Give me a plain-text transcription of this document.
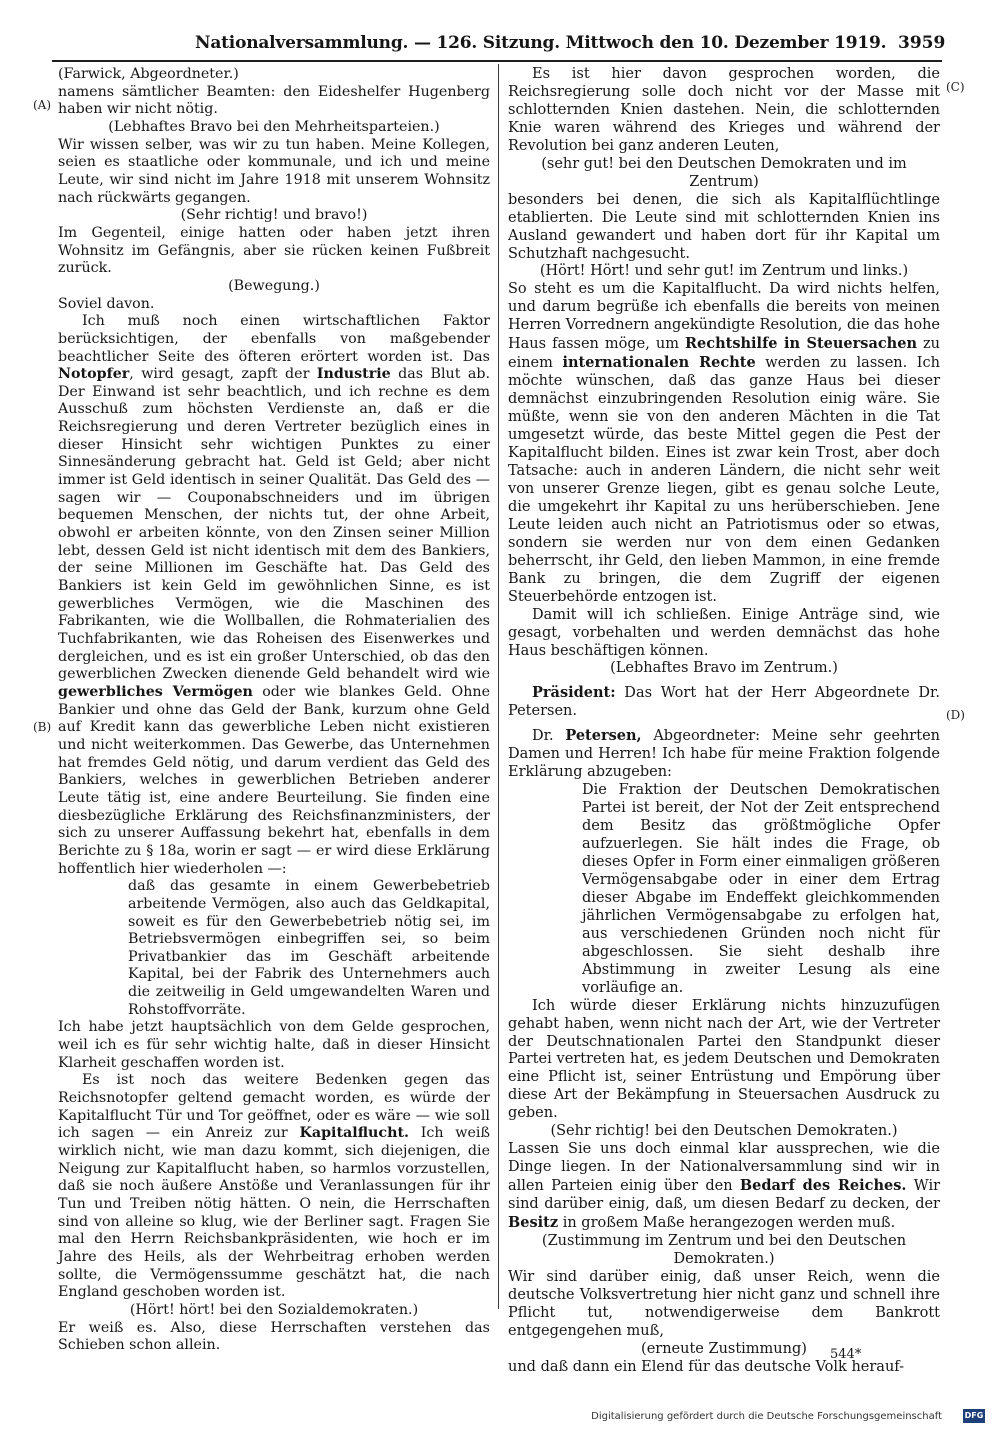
Nationalversammlung. — 126. Sitzung. Mittwoch den 10. Dezember 1919. 3959
(A)
(B)
(C)
(D)

(Farwick, Abgeordneter.)

namens sämtlicher Beamten: den Eideshelfer Hugenberg haben wir nicht nötig.

(Lebhaftes Bravo bei den Mehrheitsparteien.)

Wir wissen selber, was wir zu tun haben. Meine Kollegen, seien es staatliche oder kommunale, und ich und meine Leute, wir sind nicht im Jahre 1918 mit unserem Wohnsitz nach rückwärts gegangen.

(Sehr richtig! und bravo!)

Im Gegenteil, einige hatten oder haben jetzt ihren Wohnsitz im Gefängnis, aber sie rücken keinen Fußbreit zurück.

(Bewegung.)

Soviel davon.

Ich muß noch einen wirtschaftlichen Faktor berücksichtigen, der ebenfalls von maßgebender beachtlicher Seite des öfteren erörtert worden ist. Das Notopfer, wird gesagt, zapft der Industrie das Blut ab. Der Einwand ist sehr beachtlich, und ich rechne es dem Ausschuß zum höchsten Verdienste an, daß er die Reichsregierung und deren Vertreter bezüglich eines in dieser Hinsicht sehr wichtigen Punktes zu einer Sinnesänderung gebracht hat. Geld ist Geld; aber nicht immer ist Geld identisch in seiner Qualität. Das Geld des — sagen wir — Couponabschneiders und im übrigen bequemen Menschen, der nichts tut, der ohne Arbeit, obwohl er arbeiten könnte, von den Zinsen seiner Million lebt, dessen Geld ist nicht identisch mit dem des Bankiers, der seine Millionen im Geschäfte hat. Das Geld des Bankiers ist kein Geld im gewöhnlichen Sinne, es ist gewerbliches Vermögen, wie die Maschinen des Fabrikanten, wie die Wollballen, die Rohmaterialien des Tuchfabrikanten, wie das Roheisen des Eisenwerkes und dergleichen, und es ist ein großer Unterschied, ob das den gewerblichen Zwecken dienende Geld behandelt wird wie gewerbliches Vermögen oder wie blankes Geld. Ohne Bankier und ohne das Geld der Bank, kurzum ohne Geld auf Kredit kann das gewerbliche Leben nicht existieren und nicht weiterkommen. Das Gewerbe, das Unternehmen hat fremdes Geld nötig, und darum verdient das Geld des Bankiers, welches in gewerblichen Betrieben anderer Leute tätig ist, eine andere Beurteilung. Sie finden eine diesbezügliche Erklärung des Reichsfinanzministers, der sich zu unserer Auffassung bekehrt hat, ebenfalls in dem Berichte zu § 18a, worin er sagt — er wird diese Erklärung hoffentlich hier wiederholen —:

daß das gesamte in einem Gewerbebetrieb arbeitende Vermögen, also auch das Geldkapital, soweit es für den Gewerbebetrieb nötig sei, im Betriebsvermögen einbegriffen sei, so beim Privatbankier das im Geschäft arbeitende Kapital, bei der Fabrik des Unternehmers auch die zeitweilig in Geld umgewandelten Waren und Rohstoffvorräte.

Ich habe jetzt hauptsächlich von dem Gelde gesprochen, weil ich es für sehr wichtig halte, daß in dieser Hinsicht Klarheit geschaffen worden ist.

Es ist noch das weitere Bedenken gegen das Reichsnotopfer geltend gemacht worden, es würde der Kapitalflucht Tür und Tor geöffnet, oder es wäre — wie soll ich sagen — ein Anreiz zur Kapitalflucht. Ich weiß wirklich nicht, wie man dazu kommt, sich diejenigen, die Neigung zur Kapitalflucht haben, so harmlos vorzustellen, daß sie noch äußere Anstöße und Veranlassungen für ihr Tun und Treiben nötig hätten. O nein, die Herrschaften sind von alleine so klug, wie der Berliner sagt. Fragen Sie mal den Herrn Reichsbankpräsidenten, wie hoch er im Jahre des Heils, als der Wehrbeitrag erhoben werden sollte, die Vermögenssumme geschätzt hat, die nach England geschoben worden ist.

(Hört! hört! bei den Sozialdemokraten.)

Er weiß es. Also, diese Herrschaften verstehen das Schieben schon allein.

Es ist hier davon gesprochen worden, die Reichsregierung solle doch nicht vor der Masse mit schlotternden Knien dastehen. Nein, die schlotternden Knie waren während des Krieges und während der Revolution bei ganz anderen Leuten,

(sehr gut! bei den Deutschen Demokraten und im Zentrum)

besonders bei denen, die sich als Kapitalflüchtlinge etablierten. Die Leute sind mit schlotternden Knien ins Ausland gewandert und haben dort für ihr Kapital um Schutzhaft nachgesucht.

(Hört! Hört! und sehr gut! im Zentrum und links.)

So steht es um die Kapitalflucht. Da wird nichts helfen, und darum begrüße ich ebenfalls die bereits von meinen Herren Vorrednern angekündigte Resolution, die das hohe Haus fassen möge, um Rechtshilfe in Steuersachen zu einem internationalen Rechte werden zu lassen. Ich möchte wünschen, daß das ganze Haus bei dieser demnächst einzubringenden Resolution einig wäre. Sie müßte, wenn sie von den anderen Mächten in die Tat umgesetzt würde, das beste Mittel gegen die Pest der Kapitalflucht bilden. Eines ist zwar kein Trost, aber doch Tatsache: auch in anderen Ländern, die nicht sehr weit von unserer Grenze liegen, gibt es genau solche Leute, die umgekehrt ihr Kapital zu uns herüberschieben. Jene Leute leiden auch nicht an Patriotismus oder so etwas, sondern sie werden nur von dem einen Gedanken beherrscht, ihr Geld, den lieben Mammon, in eine fremde Bank zu bringen, die dem Zugriff der eigenen Steuerbehörde entzogen ist.

Damit will ich schließen. Einige Anträge sind, wie gesagt, vorbehalten und werden demnächst das hohe Haus beschäftigen können.

(Lebhaftes Bravo im Zentrum.)

Präsident: Das Wort hat der Herr Abgeordnete Dr. Petersen.

Dr. Petersen, Abgeordneter: Meine sehr geehrten Damen und Herren! Ich habe für meine Fraktion folgende Erklärung abzugeben:

Die Fraktion der Deutschen Demokratischen Partei ist bereit, der Not der Zeit entsprechend dem Besitz das größtmögliche Opfer aufzuerlegen. Sie hält indes die Frage, ob dieses Opfer in Form einer einmaligen größeren Vermögensabgabe oder in einer dem Ertrag dieser Abgabe im Endeffekt gleichkommenden jährlichen Vermögensabgabe zu erfolgen hat, aus verschiedenen Gründen noch nicht für abgeschlossen. Sie sieht deshalb ihre Abstimmung in zweiter Lesung als eine vorläufige an.

Ich würde dieser Erklärung nichts hinzuzufügen gehabt haben, wenn nicht nach der Art, wie der Vertreter der Deutschnationalen Partei den Standpunkt dieser Partei vertreten hat, es jedem Deutschen und Demokraten eine Pflicht ist, seiner Entrüstung und Empörung über diese Art der Bekämpfung in Steuersachen Ausdruck zu geben.

(Sehr richtig! bei den Deutschen Demokraten.)

Lassen Sie uns doch einmal klar aussprechen, wie die Dinge liegen. In der Nationalversammlung sind wir in allen Parteien einig über den Bedarf des Reiches. Wir sind darüber einig, daß, um diesen Bedarf zu decken, der Besitz in großem Maße herangezogen werden muß.

(Zustimmung im Zentrum und bei den Deutschen Demokraten.)

Wir sind darüber einig, daß unser Reich, wenn die deutsche Volksvertretung hier nicht ganz und schnell ihre Pflicht tut, notwendigerweise dem Bankrott entgegengehen muß,

(erneute Zustimmung)

und daß dann ein Elend für das deutsche Volk herauf-

544*
Digitalisierung gefördert durch die Deutsche Forschungsgemeinschaft	DFG
